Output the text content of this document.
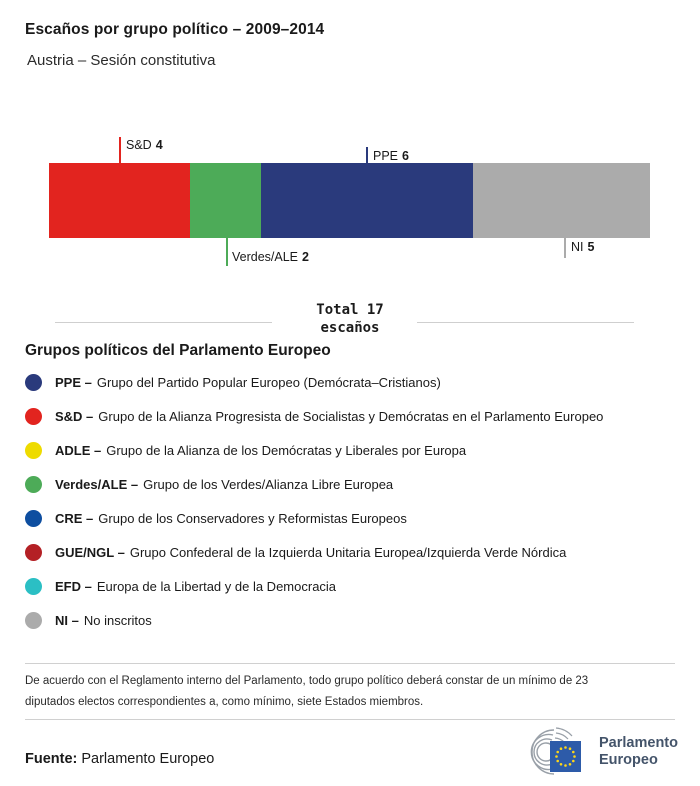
Escaños por grupo político – 2009–2014
Austria – Sesión constitutiva
S&D 4
PPE 6
Verdes/ALE 2
NI 5
Total 17
escaños
Grupos políticos del Parlamento Europeo
PPE – Grupo del Partido Popular Europeo (Demócrata–Cristianos)
S&D – Grupo de la Alianza Progresista de Socialistas y Demócratas en el Parlamento Europeo
ADLE – Grupo de la Alianza de los Demócratas y Liberales por Europa
Verdes/ALE – Grupo de los Verdes/Alianza Libre Europea
CRE – Grupo de los Conservadores y Reformistas Europeos
GUE/NGL – Grupo Confederal de la Izquierda Unitaria Europea/Izquierda Verde Nórdica
EFD – Europa de la Libertad y de la Democracia
NI – No inscritos
De acuerdo con el Reglamento interno del Parlamento, todo grupo político deberá constar de un mínimo de 23 diputados electos correspondientes a, como mínimo, siete Estados miembros.
Fuente: Parlamento Europeo
Parlamento
Europeo
